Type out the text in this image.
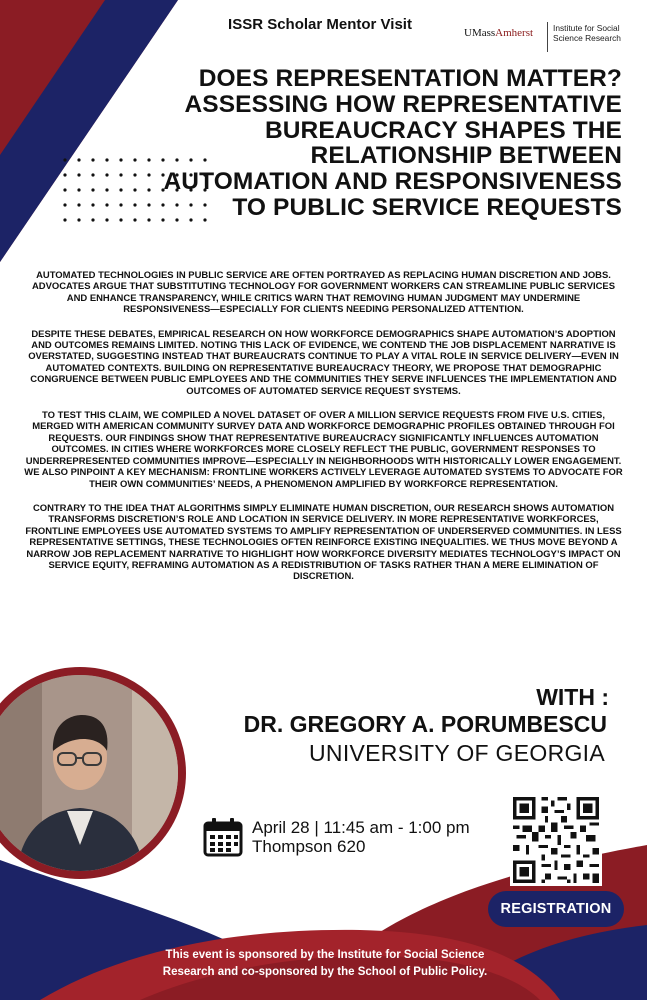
ISSR Scholar Mentor Visit	UMassAmherst Institute for Social Science Research
DOES REPRESENTATION MATTER? ASSESSING HOW REPRESENTATIVE BUREAUCRACY SHAPES THE RELATIONSHIP BETWEEN AUTOMATION AND RESPONSIVENESS TO PUBLIC SERVICE REQUESTS

AUTOMATED TECHNOLOGIES IN PUBLIC SERVICE ARE OFTEN PORTRAYED AS REPLACING HUMAN DISCRETION AND JOBS. ADVOCATES ARGUE THAT SUBSTITUTING TECHNOLOGY FOR GOVERNMENT WORKERS CAN STREAMLINE PUBLIC SERVICES AND ENHANCE TRANSPARENCY, WHILE CRITICS WARN THAT REMOVING HUMAN JUDGMENT MAY UNDERMINE RESPONSIVENESS—ESPECIALLY FOR CLIENTS NEEDING PERSONALIZED ATTENTION.

DESPITE THESE DEBATES, EMPIRICAL RESEARCH ON HOW WORKFORCE DEMOGRAPHICS SHAPE AUTOMATION’S ADOPTION AND OUTCOMES REMAINS LIMITED. NOTING THIS LACK OF EVIDENCE, WE CONTEND THE JOB DISPLACEMENT NARRATIVE IS OVERSTATED, SUGGESTING INSTEAD THAT BUREAUCRATS CONTINUE TO PLAY A VITAL ROLE IN SERVICE DELIVERY—EVEN IN AUTOMATED CONTEXTS. BUILDING ON REPRESENTATIVE BUREAUCRACY THEORY, WE PROPOSE THAT DEMOGRAPHIC CONGRUENCE BETWEEN PUBLIC EMPLOYEES AND THE COMMUNITIES THEY SERVE INFLUENCES THE IMPLEMENTATION AND OUTCOMES OF AUTOMATED SERVICE REQUEST SYSTEMS.

TO TEST THIS CLAIM, WE COMPILED A NOVEL DATASET OF OVER A MILLION SERVICE REQUESTS FROM FIVE U.S. CITIES, MERGED WITH AMERICAN COMMUNITY SURVEY DATA AND WORKFORCE DEMOGRAPHIC PROFILES OBTAINED THROUGH FOI REQUESTS. OUR FINDINGS SHOW THAT REPRESENTATIVE BUREAUCRACY SIGNIFICANTLY INFLUENCES AUTOMATION OUTCOMES. IN CITIES WHERE WORKFORCES MORE CLOSELY REFLECT THE PUBLIC, GOVERNMENT RESPONSES TO UNDERREPRESENTED COMMUNITIES IMPROVE—ESPECIALLY IN NEIGHBORHOODS WITH HISTORICALLY LOWER ENGAGEMENT. WE ALSO PINPOINT A KEY MECHANISM: FRONTLINE WORKERS ACTIVELY LEVERAGE AUTOMATED SYSTEMS TO ADVOCATE FOR THEIR OWN COMMUNITIES’ NEEDS, A PHENOMENON AMPLIFIED BY WORKFORCE REPRESENTATION.

CONTRARY TO THE IDEA THAT ALGORITHMS SIMPLY ELIMINATE HUMAN DISCRETION, OUR RESEARCH SHOWS AUTOMATION TRANSFORMS DISCRETION’S ROLE AND LOCATION IN SERVICE DELIVERY. IN MORE REPRESENTATIVE WORKFORCES, FRONTLINE EMPLOYEES USE AUTOMATED SYSTEMS TO AMPLIFY REPRESENTATION OF UNDERSERVED COMMUNITIES. IN LESS REPRESENTATIVE SETTINGS, THESE TECHNOLOGIES OFTEN REINFORCE EXISTING INEQUALITIES. WE THUS MOVE BEYOND A NARROW JOB REPLACEMENT NARRATIVE TO HIGHLIGHT HOW WORKFORCE DIVERSITY MEDIATES TECHNOLOGY’S IMPACT ON SERVICE EQUITY, REFRAMING AUTOMATION AS A REDISTRIBUTION OF TASKS RATHER THAN A MERE ELIMINATION OF DISCRETION.

WITH :
DR. GREGORY A. PORUMBESCU
UNIVERSITY OF GEORGIA
April 28 | 11:45 am - 1:00 pm
Thompson 620
REGISTRATION
This event is sponsored by the Institute for Social Science
Research and co-sponsored by the School of Public Policy.
